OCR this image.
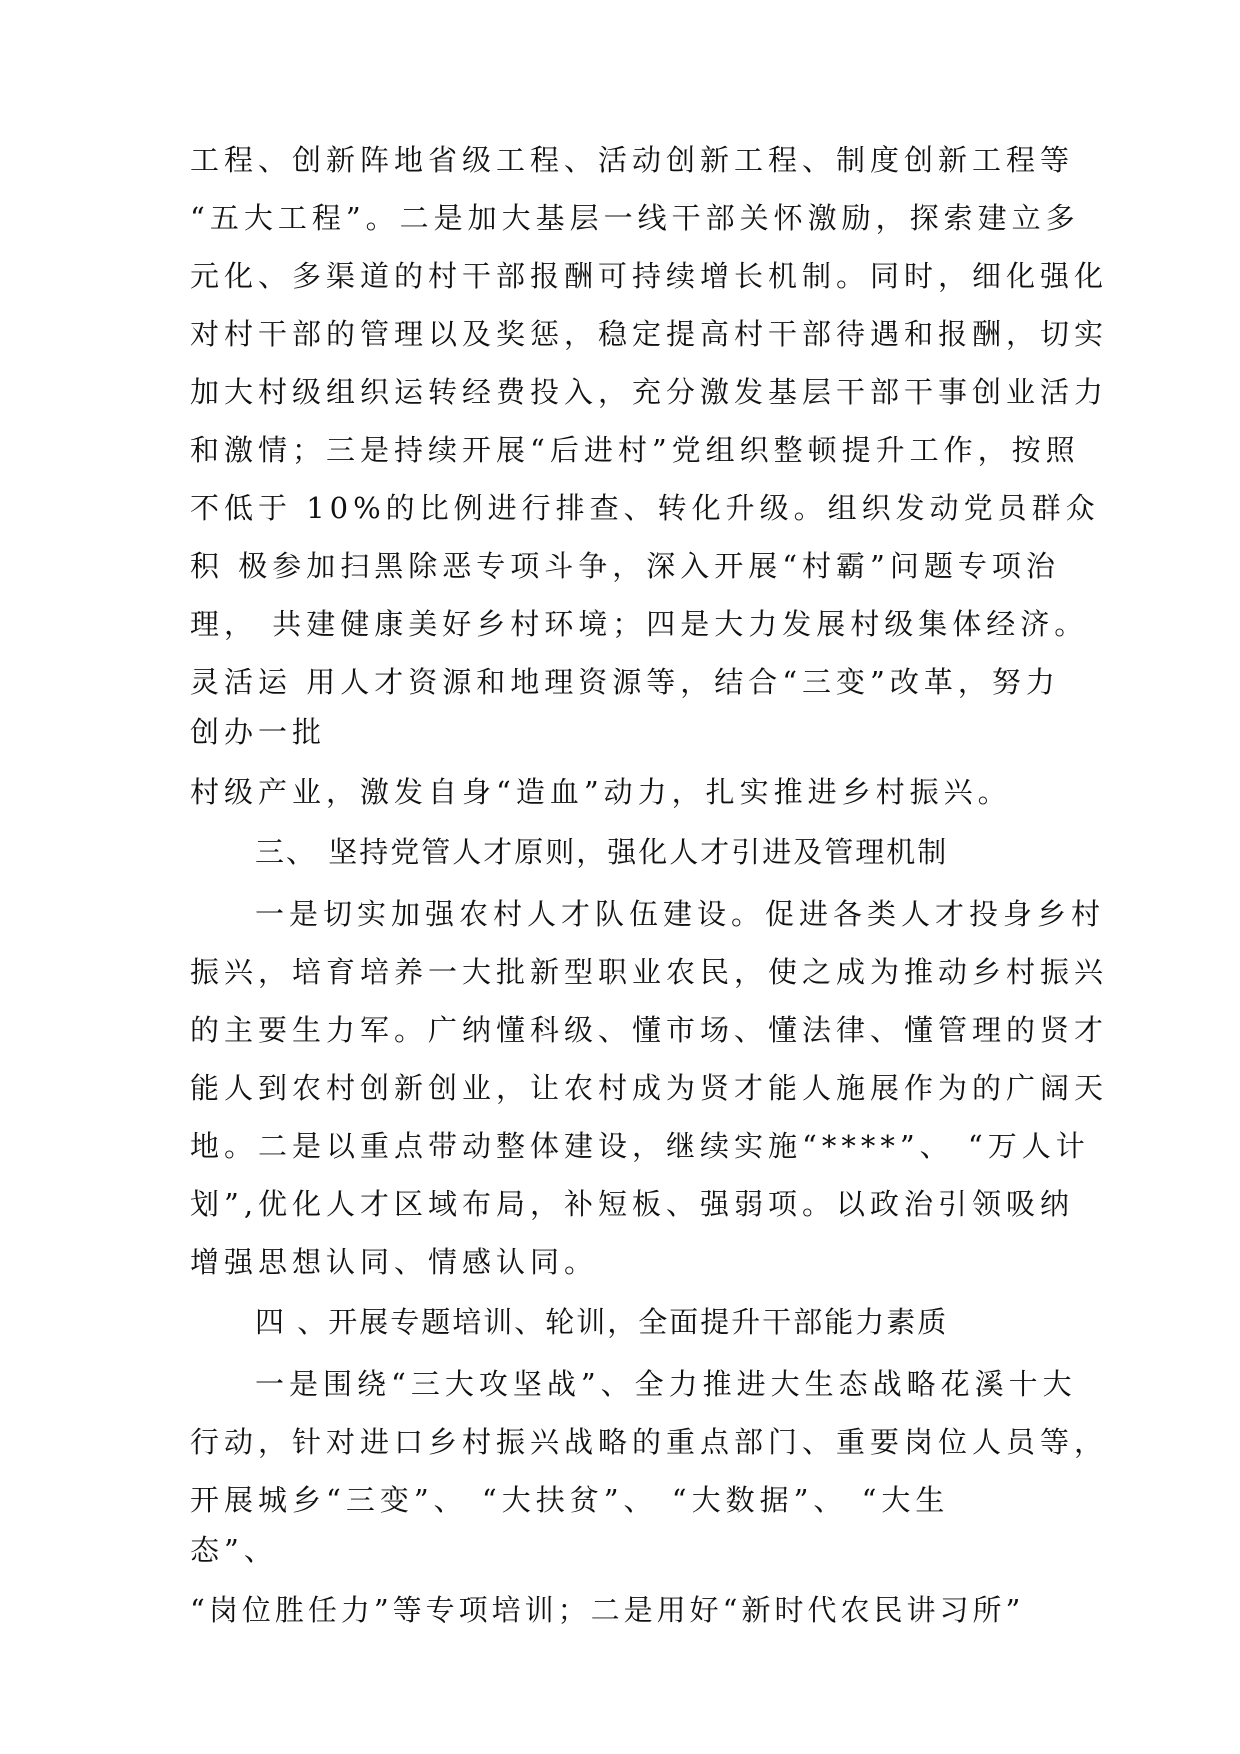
工程、创新阵地省级工程、活动创新工程、制度创新工程等
“五大工程”。二是加大基层一线干部关怀激励，探索建立多
元化、多渠道的村干部报酬可持续增长机制。同时，细化强化
对村干部的管理以及奖惩，稳定提高村干部待遇和报酬，切实
加大村级组织运转经费投入，充分激发基层干部干事创业活力
和激情；三是持续开展“后进村”党组织整顿提升工作，按照
不低于 10%的比例进行排查、转化升级。组织发动党员群众
积 极参加扫黑除恶专项斗争，深入开展“村霸”问题专项治
理， 共建健康美好乡村环境；四是大力发展村级集体经济。
灵活运 用人才资源和地理资源等，结合“三变”改革，努力
创办一批
村级产业，激发自身“造血”动力，扎实推进乡村振兴。
三、 坚持党管人才原则，强化人才引进及管理机制
一是切实加强农村人才队伍建设。促进各类人才投身乡村
振兴，培育培养一大批新型职业农民，使之成为推动乡村振兴
的主要生力军。广纳懂科级、懂市场、懂法律、懂管理的贤才
能人到农村创新创业，让农村成为贤才能人施展作为的广阔天
地。二是以重点带动整体建设，继续实施“****”、 “万人计
划”,优化人才区域布局，补短板、强弱项。以政治引领吸纳
增强思想认同、情感认同。
四 、开展专题培训、轮训，全面提升干部能力素质
一是围绕“三大攻坚战”、全力推进大生态战略花溪十大
行动，针对进口乡村振兴战略的重点部门、重要岗位人员等，
开展城乡“三变”、 “大扶贫”、 “大数据”、 “大生
态”、
“岗位胜任力”等专项培训；二是用好“新时代农民讲习所”
